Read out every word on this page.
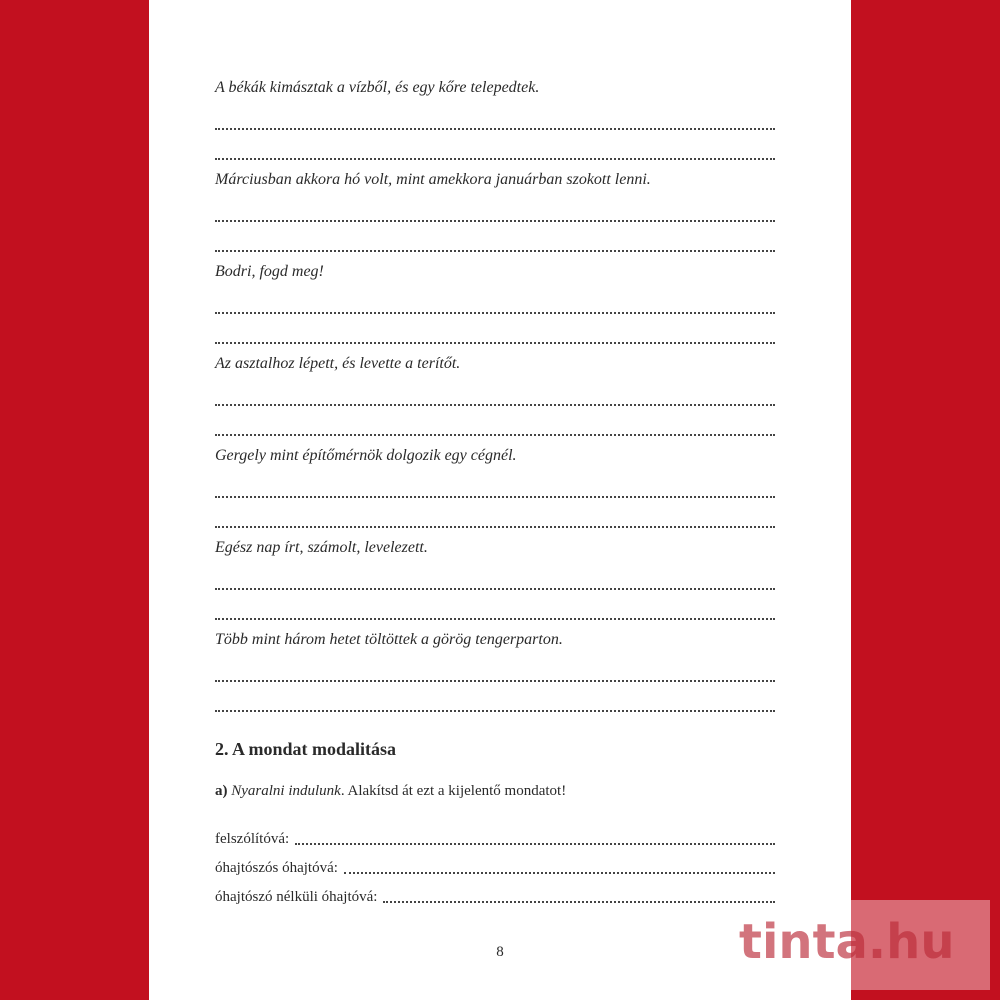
A békák kimásztak a vízből, és egy kőre telepedtek.
Márciusban akkora hó volt, mint amekkora januárban szokott lenni.
Bodri, fogd meg!
Az asztalhoz lépett, és levette a terítőt.
Gergely mint építőmérnök dolgozik egy cégnél.
Egész nap írt, számolt, levelezett.
Több mint három hetet töltöttek a görög tengerparton.
2. A mondat modalitása
a) Nyaralni indulunk. Alakítsd át ezt a kijelentő mondatot!
felszólítóvá:
óhajtószós óhajtóvá:
óhajtószó nélküli óhajtóvá:
8	tinta.hu
